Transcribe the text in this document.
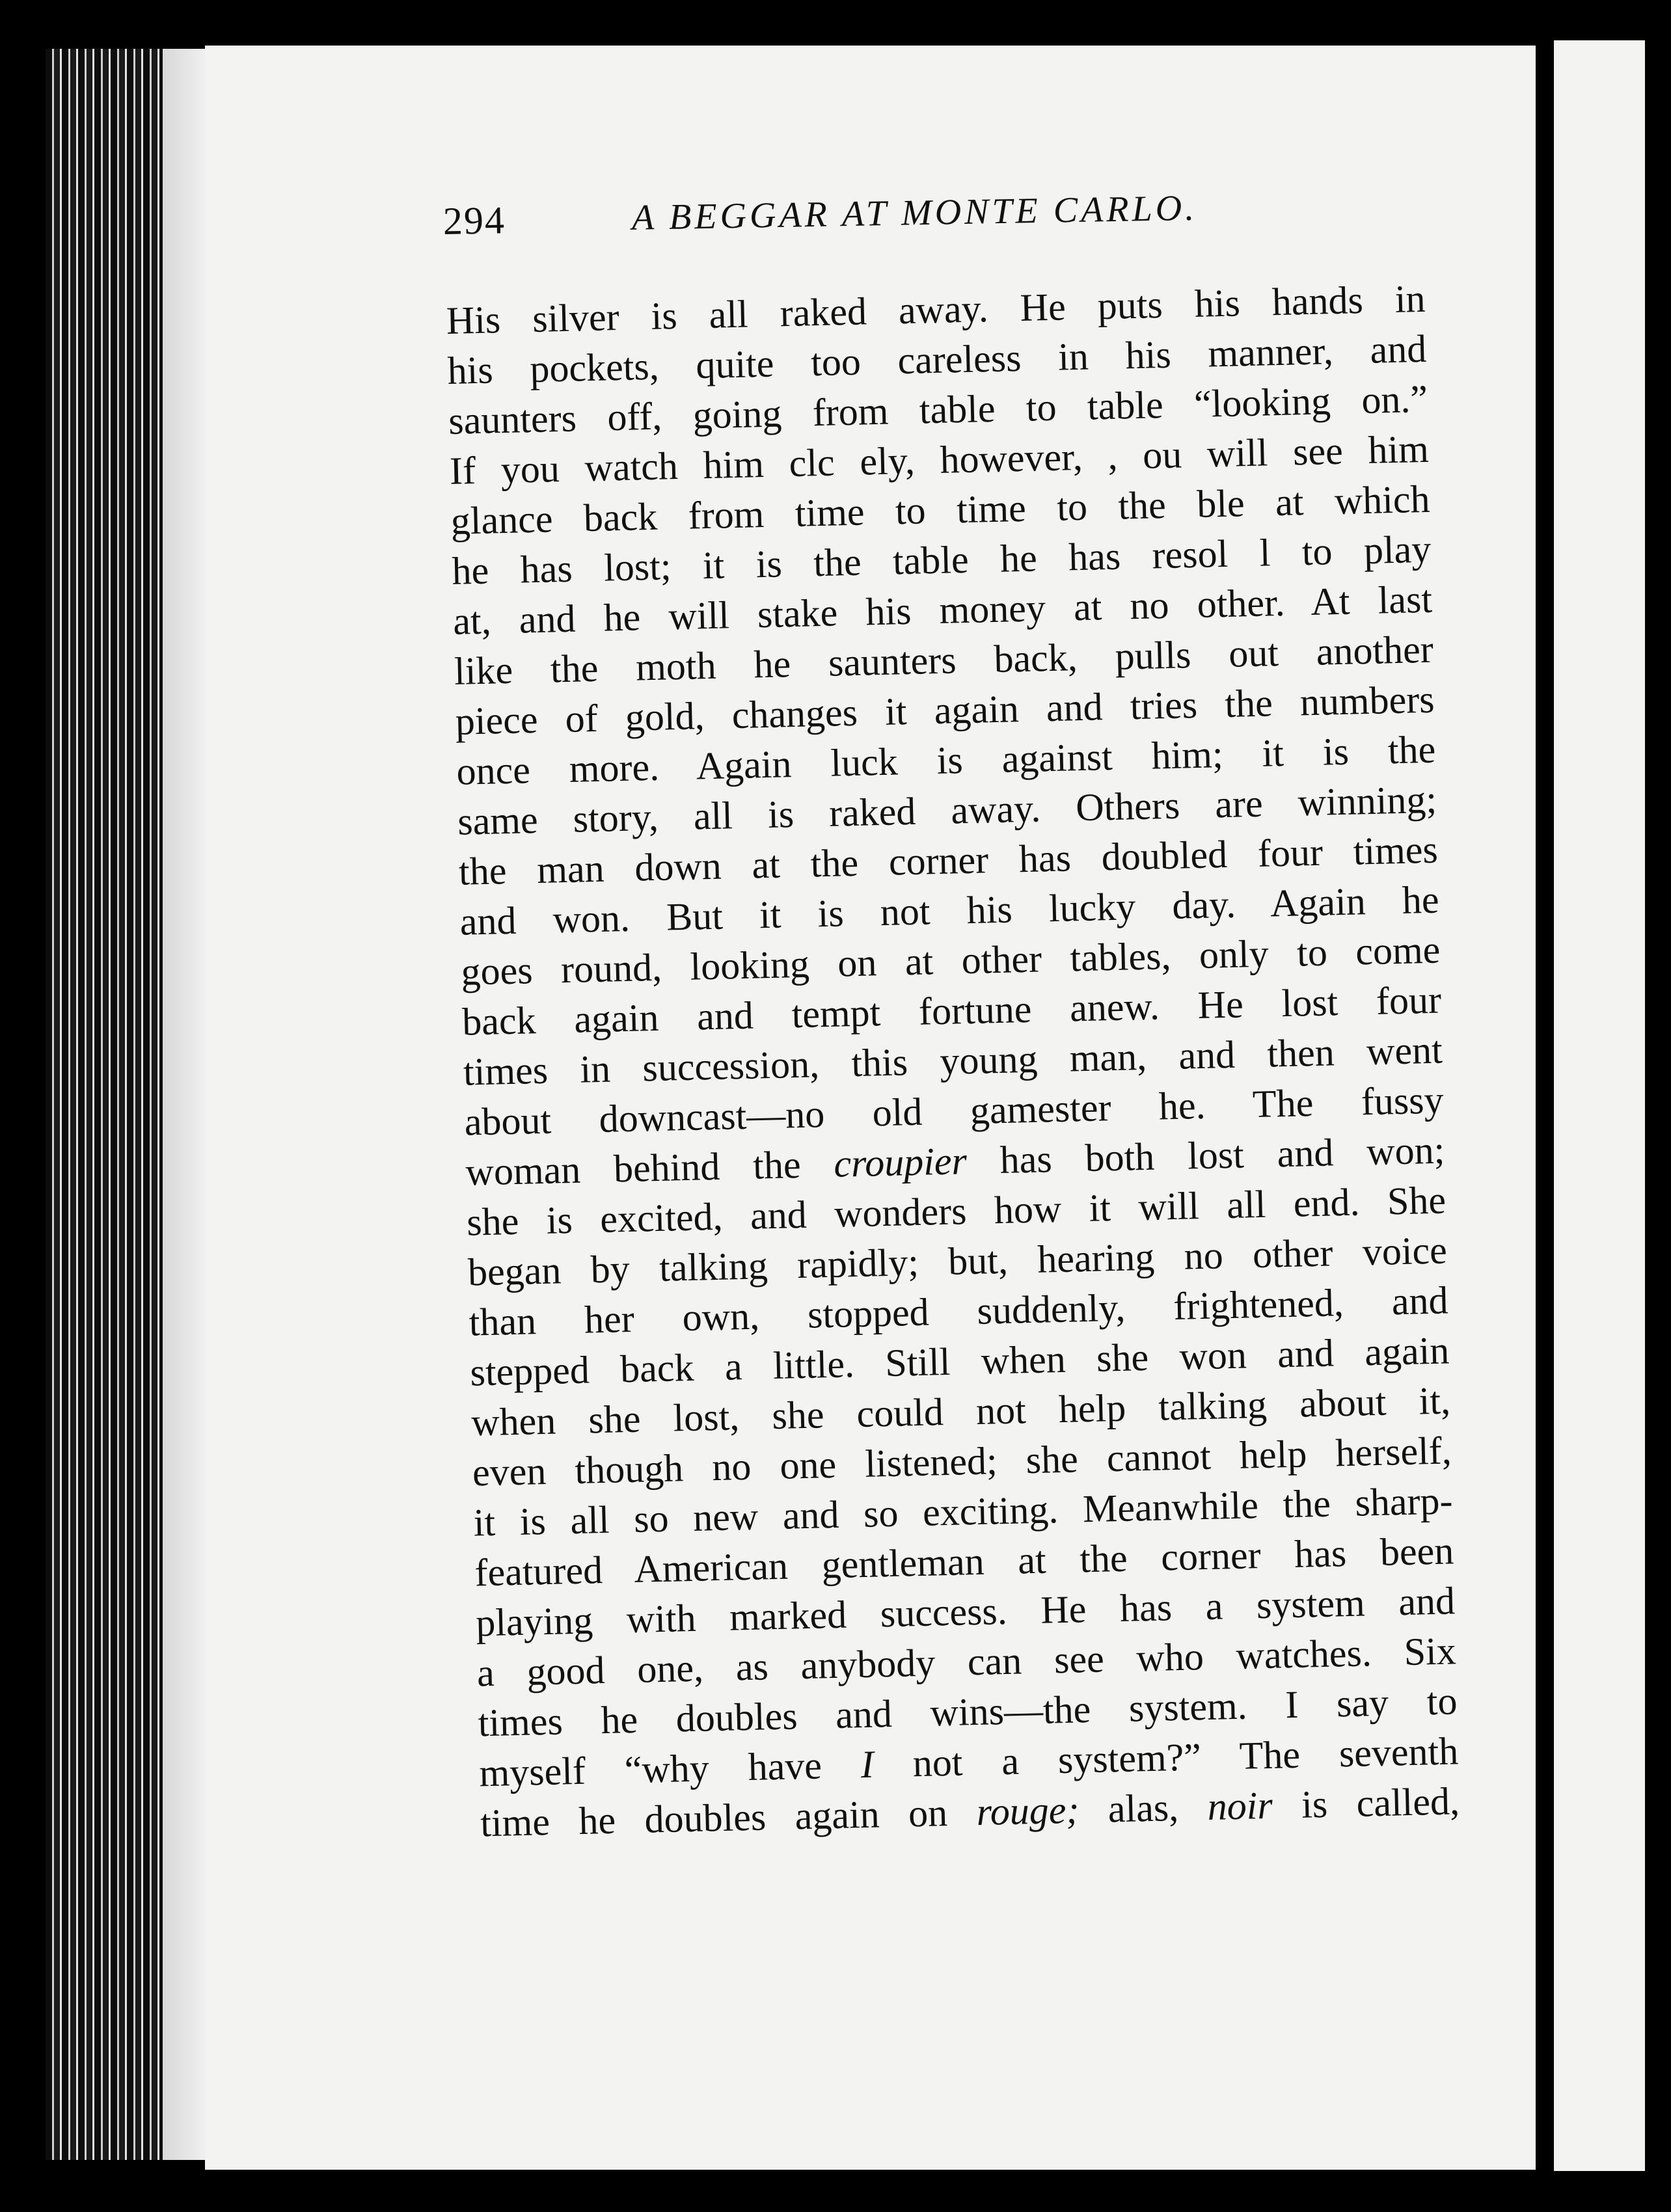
294	A BEGGAR AT MONTE CARLO.
His silver is all raked away. He puts his hands in
his pockets, quite too careless in his manner, and
saunters off, going from table to table “looking on.”
If you watch him clc ely, however, , ou will see him
glance back from time to time to the ble at which
he has lost; it is the table he has resol l to play
at, and he will stake his money at no other. At last
like the moth he saunters back, pulls out another
piece of gold, changes it again and tries the numbers
once more. Again luck is against him; it is the
same story, all is raked away. Others are winning;
the man down at the corner has doubled four times
and won. But it is not his lucky day. Again he
goes round, looking on at other tables, only to come
back again and tempt fortune anew. He lost four
times in succession, this young man, and then went
about downcast—no old gamester he. The fussy
woman behind the croupier has both lost and won;
she is excited, and wonders how it will all end. She
began by talking rapidly; but, hearing no other voice
than her own, stopped suddenly, frightened, and
stepped back a little. Still when she won and again
when she lost, she could not help talking about it,
even though no one listened; she cannot help herself,
it is all so new and so exciting. Meanwhile the sharp-
featured American gentleman at the corner has been
playing with marked success. He has a system and
a good one, as anybody can see who watches. Six
times he doubles and wins—the system. I say to
myself “why have I not a system?” The seventh
time he doubles again on rouge; alas, noir is called,
